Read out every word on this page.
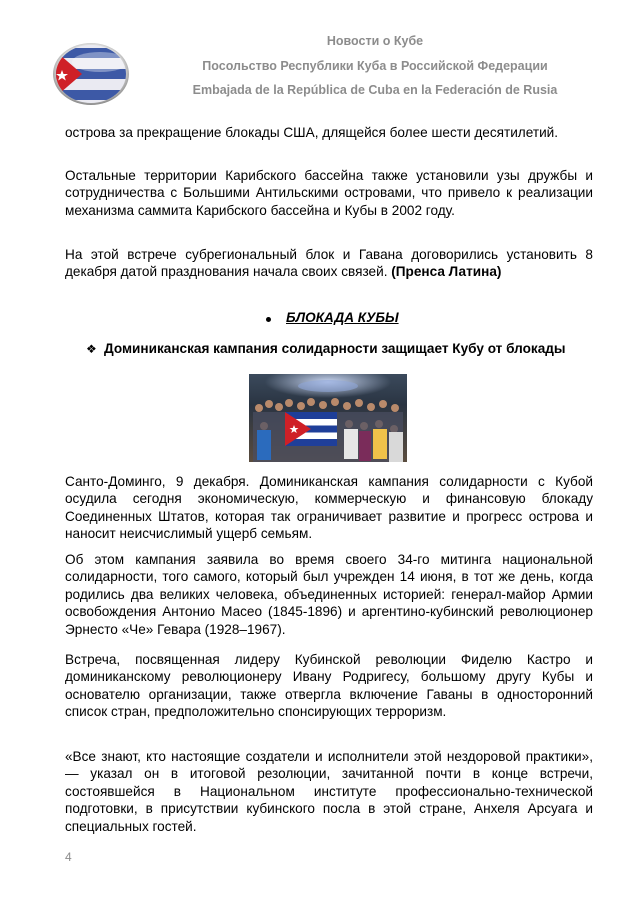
Новости о Кубе
Посольство Республики Куба в Российской Федерации
Embajada de la República de Cuba en la Federación de Rusia
острова за прекращение блокады США, длящейся более шести десятилетий.
Остальные территории Карибского бассейна также установили узы дружбы и сотрудничества с Большими Антильскими островами, что привело к реализации механизма саммита Карибского бассейна и Кубы в 2002 году.
На этой встрече субрегиональный блок и Гавана договорились установить 8 декабря датой празднования начала своих связей. (Пренса Латина)
БЛОКАДА КУБЫ
❖ Доминиканская кампания солидарности защищает Кубу от блокады
Санто-Доминго, 9 декабря. Доминиканская кампания солидарности с Кубой осудила сегодня экономическую, коммерческую и финансовую блокаду Соединенных Штатов, которая так ограничивает развитие и прогресс острова и наносит неисчислимый ущерб семьям.
Об этом кампания заявила во время своего 34-го митинга национальной солидарности, того самого, который был учрежден 14 июня, в тот же день, когда родились два великих человека, объединенных историей: генерал-майор Армии освобождения Антонио Масео (1845-1896) и аргентино-кубинский революционер Эрнесто «Че» Гевара (1928–1967).
Встреча, посвященная лидеру Кубинской революции Фиделю Кастро и доминиканскому революционеру Ивану Родригесу, большому другу Кубы и основателю организации, также отвергла включение Гаваны в односторонний список стран, предположительно спонсирующих терроризм.
«Все знают, кто настоящие создатели и исполнители этой нездоровой практики», — указал он в итоговой резолюции, зачитанной почти в конце встречи, состоявшейся в Национальном институте профессионально-технической подготовки, в присутствии кубинского посла в этой стране, Анхеля Арсуага и специальных гостей.
4
